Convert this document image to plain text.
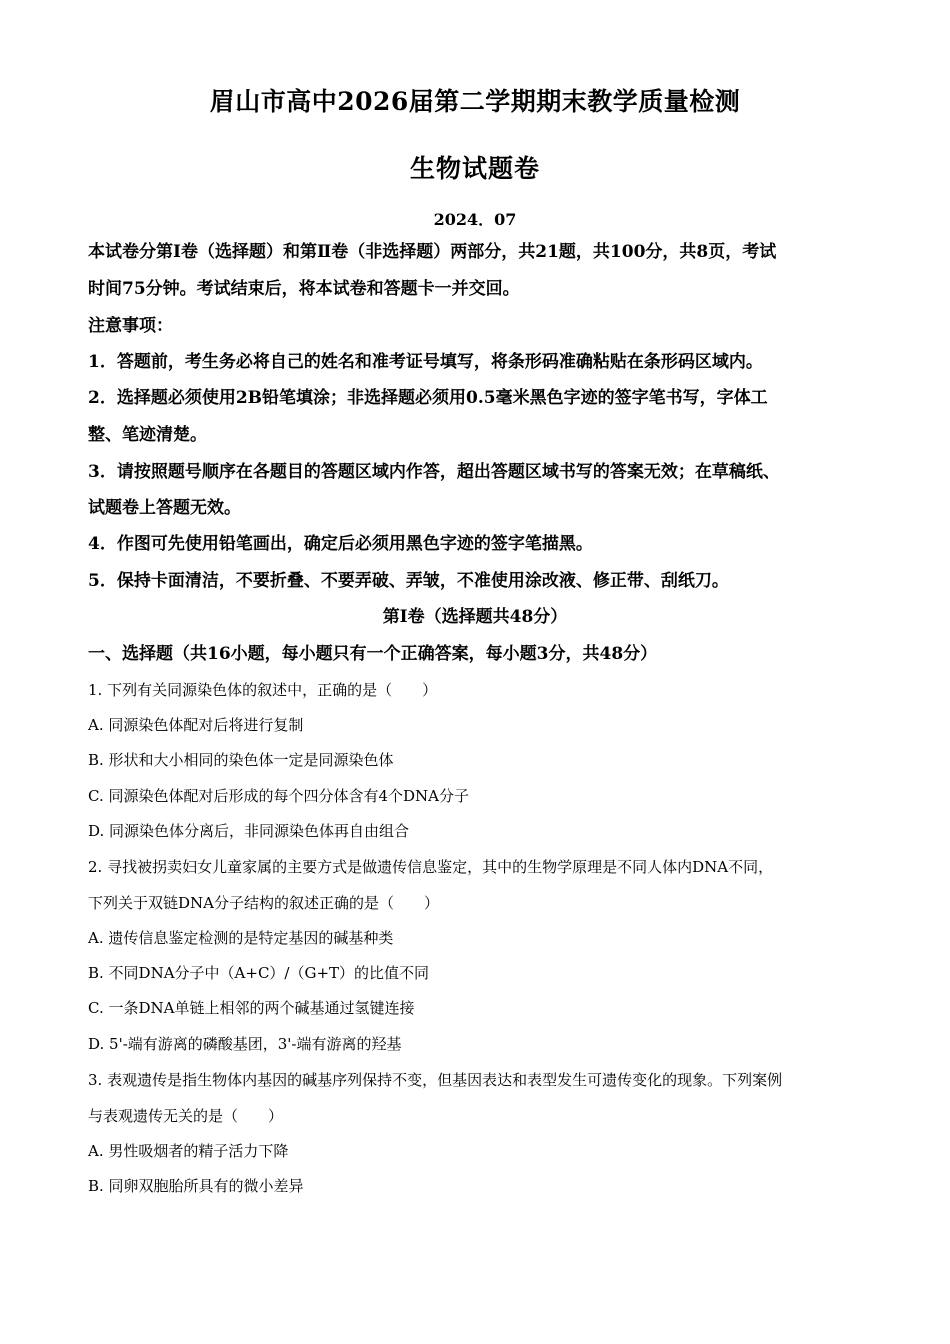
眉山市高中2026届第二学期期末教学质量检测
生物试题卷
2024．07
本试卷分第Ⅰ卷（选择题）和第Ⅱ卷（非选择题）两部分，共21题，共100分，共8页，考试
时间75分钟。考试结束后，将本试卷和答题卡一并交回。
注意事项：
1．答题前，考生务必将自己的姓名和准考证号填写，将条形码准确粘贴在条形码区域内。
2．选择题必须使用2B铅笔填涂；非选择题必须用0.5毫米黑色字迹的签字笔书写，字体工
整、笔迹清楚。
3．请按照题号顺序在各题目的答题区域内作答，超出答题区域书写的答案无效；在草稿纸、
试题卷上答题无效。
4．作图可先使用铅笔画出，确定后必须用黑色字迹的签字笔描黑。
5．保持卡面清洁，不要折叠、不要弄破、弄皱，不准使用涂改液、修正带、刮纸刀。
第Ⅰ卷（选择题共48分）
一、选择题（共16小题，每小题只有一个正确答案，每小题3分，共48分）
1. 下列有关同源染色体的叙述中，正确的是（　　）
A. 同源染色体配对后将进行复制
B. 形状和大小相同的染色体一定是同源染色体
C. 同源染色体配对后形成的每个四分体含有4个DNA分子
D. 同源染色体分离后，非同源染色体再自由组合
2. 寻找被拐卖妇女儿童家属的主要方式是做遗传信息鉴定，其中的生物学原理是不同人体内DNA不同，
下列关于双链DNA分子结构的叙述正确的是（　　）
A. 遗传信息鉴定检测的是特定基因的碱基种类
B. 不同DNA分子中（A+C）/（G+T）的比值不同
C. 一条DNA单链上相邻的两个碱基通过氢键连接
D. 5'-端有游离的磷酸基团，3'-端有游离的羟基
3. 表观遗传是指生物体内基因的碱基序列保持不变，但基因表达和表型发生可遗传变化的现象。下列案例
与表观遗传无关的是（　　）
A. 男性吸烟者的精子活力下降
B. 同卵双胞胎所具有的微小差异
